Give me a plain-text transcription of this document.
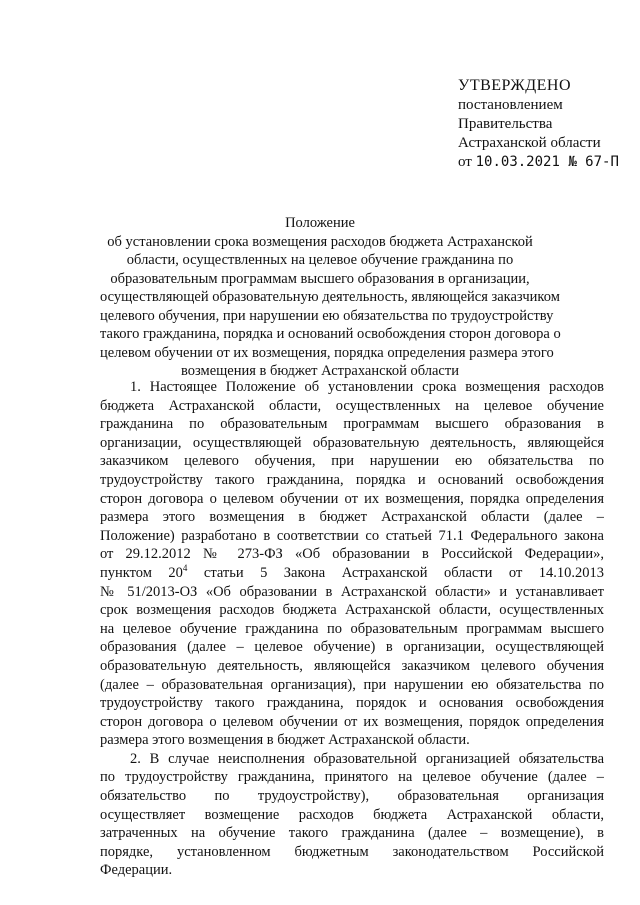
УТВЕРЖДЕНО
постановлением
Правительства
Астраханской области
от 10.03.2021 № 67-П
Положение
об установлении срока возмещения расходов бюджета Астраханской
области, осуществленных на целевое обучение гражданина по
образовательным программам высшего образования в организации,
осуществляющей образовательную деятельность, являющейся заказчиком
целевого обучения, при нарушении ею обязательства по трудоустройству
такого гражданина, порядка и оснований освобождения сторон договора о
целевом обучении от их возмещения, порядка определения размера этого
возмещения в бюджет Астраханской области
1. Настоящее Положение об установлении срока возмещения расходов
бюджета Астраханской области, осуществленных на целевое обучение
гражданина по образовательным программам высшего образования в
организации, осуществляющей образовательную деятельность, являющейся
заказчиком целевого обучения, при нарушении ею обязательства по
трудоустройству такого гражданина, порядка и оснований освобождения
сторон договора о целевом обучении от их возмещения, порядка определения
размера этого возмещения в бюджет Астраханской области (далее –
Положение) разработано в соответствии со статьей 71.1 Федерального закона
от 29.12.2012 № 273-ФЗ «Об образовании в Российской Федерации»,
пунктом $20^4$ статьи 5 Закона Астраханской области от 14.10.2013
№ 51/2013-ОЗ «Об образовании в Астраханской области» и устанавливает
срок возмещения расходов бюджета Астраханской области, осуществленных
на целевое обучение гражданина по образовательным программам высшего
образования (далее – целевое обучение) в организации, осуществляющей
образовательную деятельность, являющейся заказчиком целевого обучения
(далее – образовательная организация), при нарушении ею обязательства по
трудоустройству такого гражданина, порядок и основания освобождения
сторон договора о целевом обучении от их возмещения, порядок определения
размера этого возмещения в бюджет Астраханской области.
2. В случае неисполнения образовательной организацией обязательства
по трудоустройству гражданина, принятого на целевое обучение (далее –
обязательство по трудоустройству), образовательная организация
осуществляет возмещение расходов бюджета Астраханской области,
затраченных на обучение такого гражданина (далее – возмещение), в
порядке, установленном бюджетным законодательством Российской
Федерации.
